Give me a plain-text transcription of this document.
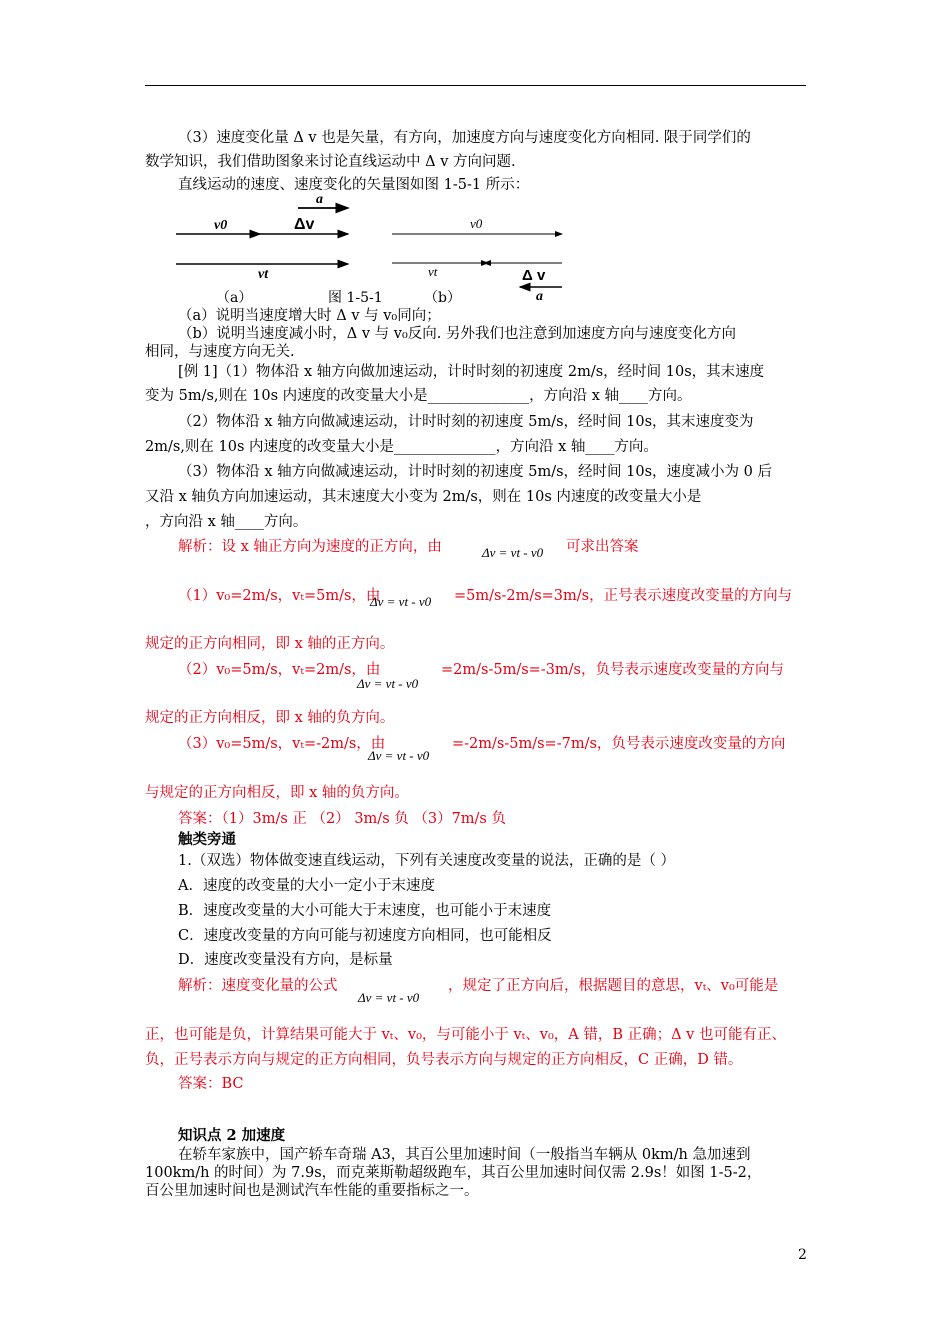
（3）速度变化量 Δ v 也是矢量，有方向，加速度方向与速度变化方向相同. 限于同学们的
数学知识，我们借助图象来讨论直线运动中 Δ v 方向问题.
直线运动的速度、速度变化的矢量图如图 1-5-1 所示：
a
v0	Δv
vt
v0
vt	Δ v
a
（a）	图 1-5-1	（b）
（a）说明当速度增大时 Δ v 与 v₀同向；
（b）说明当速度减小时，Δ v 与 v₀反向. 另外我们也注意到加速度方向与速度变化方向
相同，与速度方向无关.
[例 1]（1）物体沿 x 轴方向做加速运动，计时时刻的初速度 2m/s，经时间 10s，其末速度
变为 5m/s,则在 10s 内速度的改变量大小是______________，方向沿 x 轴____方向。
（2）物体沿 x 轴方向做减速运动，计时时刻的初速度 5m/s，经时间 10s，其末速度变为
2m/s,则在 10s 内速度的改变量大小是______________，方向沿 x 轴____方向。
（3）物体沿 x 轴方向做减速运动，计时时刻的初速度 5m/s，经时间 10s，速度减小为 0 后
又沿 x 轴负方向加速运动，其末速度大小变为 2m/s，则在 10s 内速度的改变量大小是
，方向沿 x 轴____方向。
解析：设 x 轴正方向为速度的正方向，由	Δv = vt - v0 可求出答案
（1）v₀=2m/s，vₜ=5m/s，由
Δv = vt - v0 =5m/s-2m/s=3m/s，正号表示速度改变量的方向与
规定的正方向相同，即 x 轴的正方向。
（2）v₀=5m/s，vₜ=2m/s，由
Δv = vt - v0
=2m/s-5m/s=-3m/s，负号表示速度改变量的方向与
规定的正方向相反，即 x 轴的负方向。
（3）v₀=5m/s，vₜ=-2m/s，由
Δv = vt - v0
=-2m/s-5m/s=-7m/s，负号表示速度改变量的方向
与规定的正方向相反，即 x 轴的负方向。
答案：（1）3m/s 正 （2） 3m/s 负 （3）7m/s 负
触类旁通
1.（双选）物体做变速直线运动，下列有关速度改变量的说法，正确的是（ ）
A．速度的改变量的大小一定小于末速度
B．速度改变量的大小可能大于末速度，也可能小于末速度
C．速度改变量的方向可能与初速度方向相同，也可能相反
D．速度改变量没有方向，是标量
解析：速度变化量的公式
Δv = vt - v0
，规定了正方向后，根据题目的意思，vₜ、v₀可能是
正，也可能是负，计算结果可能大于 vₜ、v₀，与可能小于 vₜ、v₀，A 错，B 正确；Δ v 也可能有正、
负，正号表示方向与规定的正方向相同，负号表示方向与规定的正方向相反，C 正确，D 错。
答案：BC
知识点 2 加速度
在轿车家族中，国产轿车奇瑞 A3，其百公里加速时间（一般指当车辆从 0km/h 急加速到
100km/h 的时间）为 7.9s，而克莱斯勒超级跑车，其百公里加速时间仅需 2.9s！如图 1-5-2，
百公里加速时间也是测试汽车性能的重要指标之一。
2
